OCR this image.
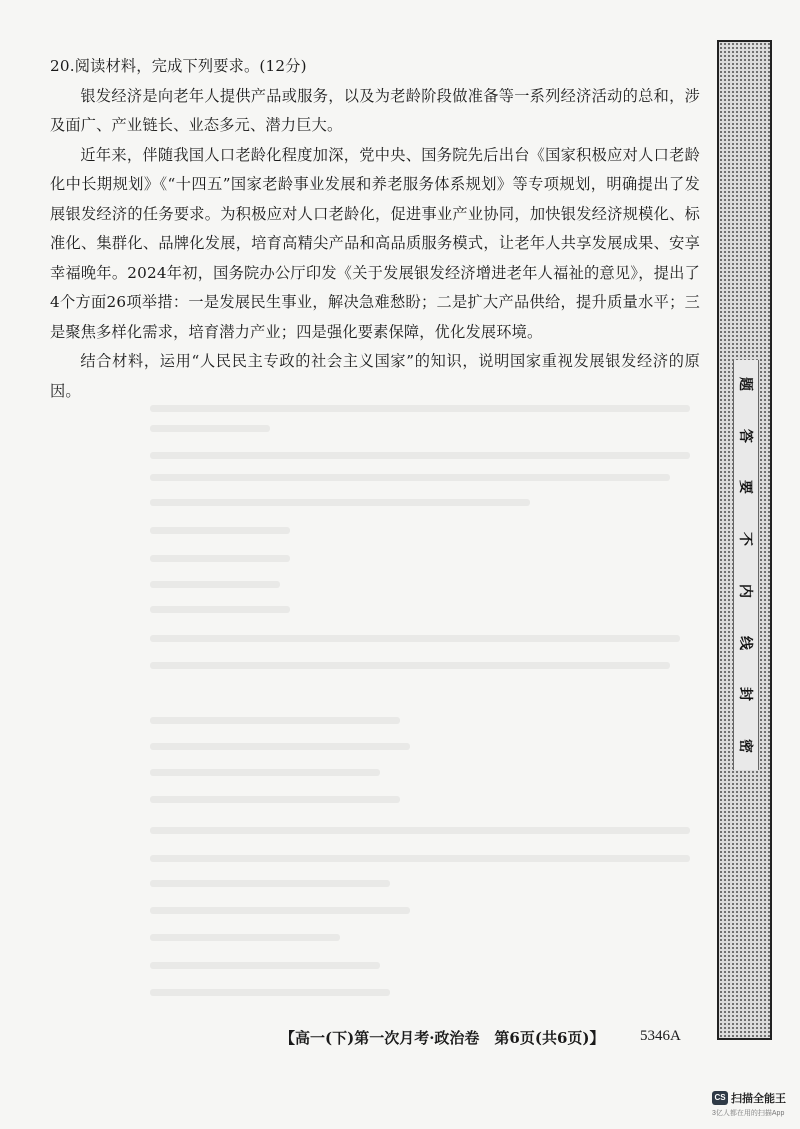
20.阅读材料，完成下列要求。(12分)

银发经济是向老年人提供产品或服务，以及为老龄阶段做准备等一系列经济活动的总和，涉及面广、产业链长、业态多元、潜力巨大。

近年来，伴随我国人口老龄化程度加深，党中央、国务院先后出台《国家积极应对人口老龄化中长期规划》《“十四五”国家老龄事业发展和养老服务体系规划》等专项规划，明确提出了发展银发经济的任务要求。为积极应对人口老龄化，促进事业产业协同，加快银发经济规模化、标准化、集群化、品牌化发展，培育高精尖产品和高品质服务模式，让老年人共享发展成果、安享幸福晚年。2024年初，国务院办公厅印发《关于发展银发经济增进老年人福祉的意见》，提出了4个方面26项举措：一是发展民生事业，解决急难愁盼；二是扩大产品供给，提升质量水平；三是聚焦多样化需求，培育潜力产业；四是强化要素保障，优化发展环境。

结合材料，运用“人民民主专政的社会主义国家”的知识，说明国家重视发展银发经济的原因。	题
答
要
不
内
线
封
密
【高一(下)第一次月考·政治卷　第6页(共6页)】 5346A
CS 扫描全能王
3亿人都在用的扫描App
